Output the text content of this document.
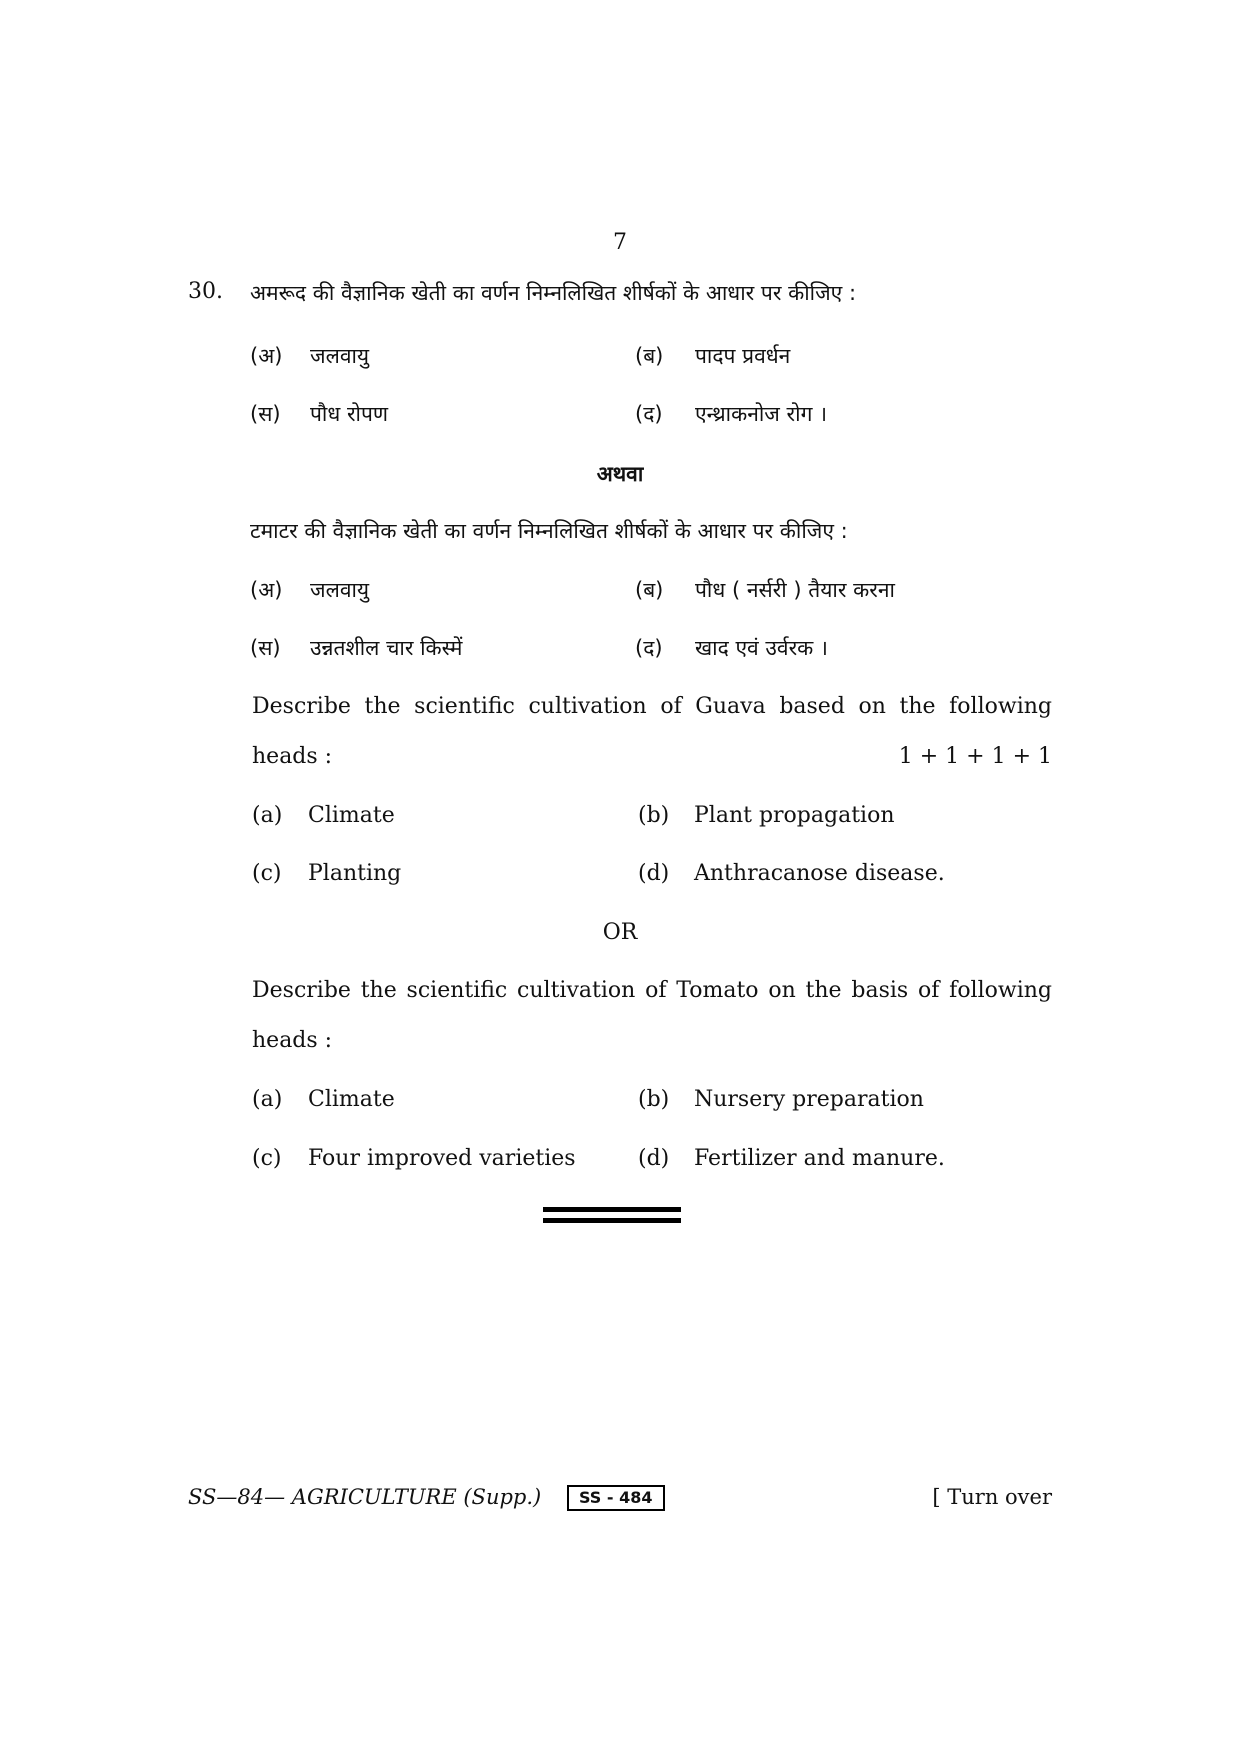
7
30. अमरूद की वैज्ञानिक खेती का वर्णन निम्नलिखित शीर्षकों के आधार पर कीजिए :
(अ) जलवायु	(ब) पादप प्रवर्धन
(स) पौध रोपण	(द) एन्थ्राकनोज रोग ।
अथवा
टमाटर की वैज्ञानिक खेती का वर्णन निम्नलिखित शीर्षकों के आधार पर कीजिए :
(अ) जलवायु	(ब) पौध ( नर्सरी ) तैयार करना
(स) उन्नतशील चार किस्में	(द) खाद एवं उर्वरक ।
Describe the scientific cultivation of Guava based on the following
heads :	1 + 1 + 1 + 1
(a) Climate	(b) Plant propagation
(c) Planting	(d) Anthracanose disease.
OR
Describe the scientific cultivation of Tomato on the basis of following
heads :
(a) Climate	(b) Nursery preparation
(c) Four improved varieties	(d) Fertilizer and manure.
SS—84— AGRICULTURE (Supp.)	SS - 484	[ Turn over
